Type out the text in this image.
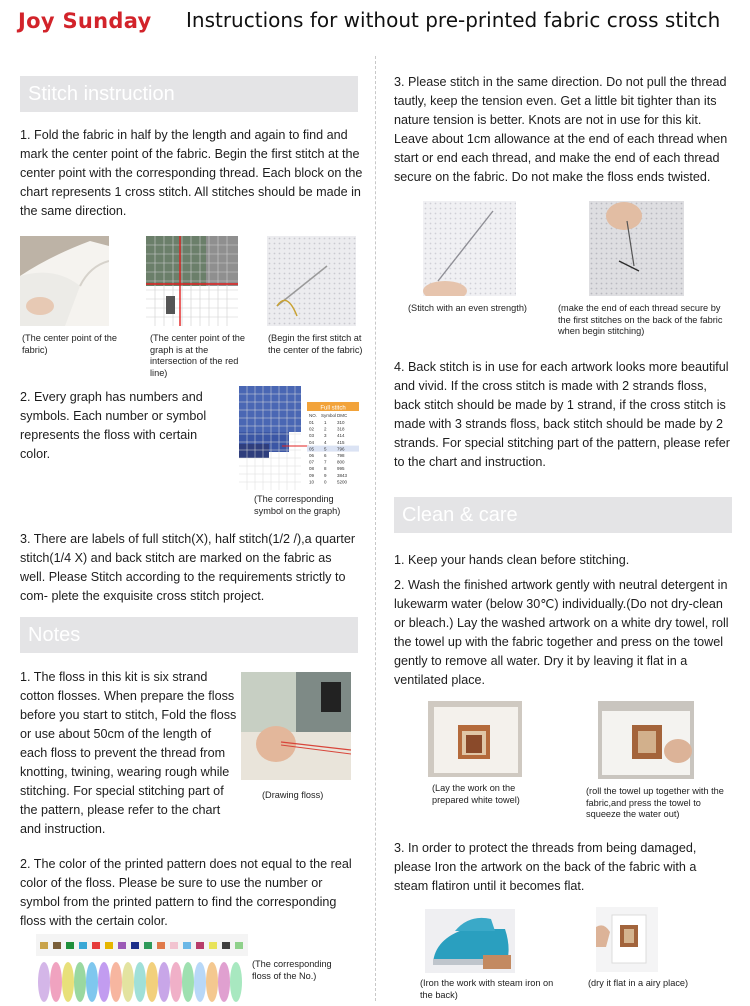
Joy Sunday Instructions for without pre-printed fabric cross stitch
Stitch instruction
1. Fold the fabric in half by the length and again to find and mark the center point of the fabric. Begin the first stitch at the center point with the corresponding thread. Each block on the chart represents 1 cross stitch. All stitches should be made in the same direction.
(The center point of the fabric)
(The center point of the graph is at the intersection of the red line)
(Begin the first stitch at the center of the fabric)
2. Every graph has numbers and symbols. Each number or symbol represents the floss with certain color.
Full stitch
NO. Symbol DMC
01 1 310
02 2 318
03 3 414
04 4 415
05 5 796
06 6 798
07 7 800
08 8 995
09 9 3843
10 0 5200
(The corresponding symbol on the graph)
3. There are labels of full stitch(X), half stitch(1/2 /),a quarter stitch(1/4 X) and back stitch are marked on the fabric as well. Please Stitch according to the requirements strictly to com- plete the exquisite cross stitch project.
Notes
1. The floss in this kit is six strand cotton flosses. When prepare the floss before you start to stitch, Fold the floss or use about 50cm of the length of each floss to prevent the thread from knotting, twining, wearing rough while stitching. For special stitching part of the pattern, please refer to the chart and instruction.
(Drawing floss)
2. The color of the printed pattern does not equal to the real color of the floss. Please be sure to use the number or symbol from the printed pattern to find the corresponding floss with the certain color.
(The corresponding floss of the No.)
3. Please stitch in the same direction. Do not pull the thread tautly, keep the tension even. Get a little bit tighter than its nature tension is better. Knots are not in use for this kit. Leave about 1cm allowance at the end of each thread when start or end each thread, and make the end of each thread secure on the fabric. Do not make the floss ends twisted.
(Stitch with an even strength)	(make the end of each thread secure by the first stitches on the back of the fabric when begin stitching)
4. Back stitch is in use for each artwork looks more beautiful and vivid. If the cross stitch is made with 2 strands floss, back stitch should be made by 1 strand, if the cross stitch is made with 3 strands floss, back stitch should be made by 2 strands. For special stitching part of the pattern, please refer to the chart and instruction.
Clean & care
1. Keep your hands clean before stitching.
2. Wash the finished artwork gently with neutral detergent in lukewarm water (below 30℃) individually.(Do not dry-clean or bleach.) Lay the washed artwork on a white dry towel, roll the towel up with the fabric together and press on the towel gently to remove all water. Dry it by leaving it flat in a ventilated place.
(Lay the work on the prepared white towel)
(roll the towel up together with the fabric,and press the towel to squeeze the water out)
3. In order to protect the threads from being damaged, please Iron the artwork on the back of the fabric with a steam flatiron until it becomes flat.
(Iron the work with steam iron on the back)
(dry it flat in a airy place)
